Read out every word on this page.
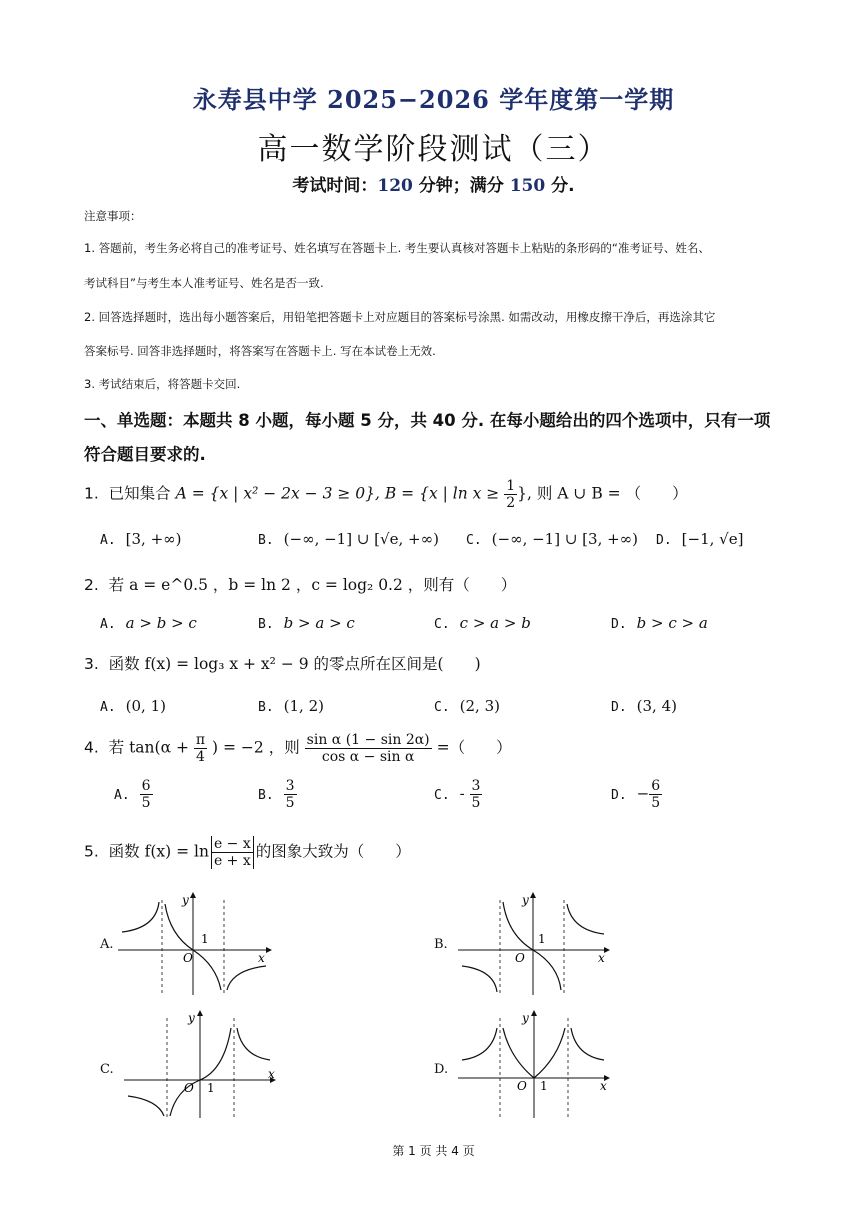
永寿县中学 2025−2026 学年度第一学期
高一数学阶段测试（三）
考试时间：120 分钟；满分 150 分.
注意事项：
1. 答题前，考生务必将自己的准考证号、姓名填写在答题卡上. 考生要认真核对答题卡上粘贴的条形码的“准考证号、姓名、
考试科目”与考生本人准考证号、姓名是否一致.
2. 回答选择题时，选出每小题答案后，用铅笔把答题卡上对应题目的答案标号涂黑. 如需改动，用橡皮擦干净后，再选涂其它
答案标号. 回答非选择题时，将答案写在答题卡上. 写在本试卷上无效.
3. 考试结束后，将答题卡交回.
一、单选题：本题共 8 小题，每小题 5 分，共 40 分. 在每小题给出的四个选项中，只有一项
符合题目要求的.
1. 已知集合 A = {x | x² − 2x − 3 ≥ 0}, B = {x | $\ln x \ge \frac{1}{2}$ }, 则 A ∪ B = （　　）
A. [3, +∞)	B. (−∞, −1] ∪ [√e, +∞) C. (−∞, −1] ∪ [3, +∞) D. [−1, √e]
2. 若 a = e^0.5 ，b = ln 2 ，c = log₂ 0.2 ，则有（　　）
A. a > b > c	B. b > a > c	C. c > a > b	D. b > c > a
3. 函数 f(x) = log₃ x + x² − 9 的零点所在区间是(　　)
A. (0, 1)	B. (1, 2)	C. (2, 3)	D. (3, 4)
4. 若 $\tan(\alpha + \frac{\pi}{4}$ ) = −2 ，则 $\frac{\text{sin α (1 − sin 2α)}}{\text{cos α − sin α}}$ =（　　）
A. $\frac{6}{5}$	B. $\frac{3}{5}$	C. - $\frac{3}{5}$	D. − $\frac{6}{5}$
5. 函数 $f(x) = \ln \frac{e - x}{e + x}$ 的图象大致为（　　）
A.	B.
C.	D.
O
1
y
x	O
1
y
x
O 1
y
x
O 1
y
x
第 1 页 共 4 页
